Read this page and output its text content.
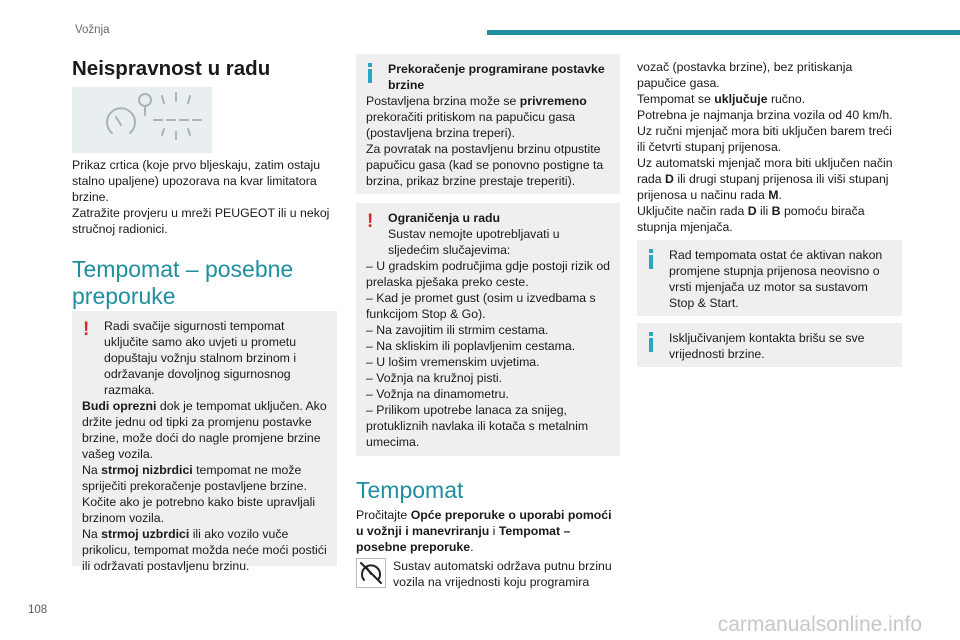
Vožnja
Neispravnost u radu
Prikaz crtica (koje prvo bljeskaju, zatim ostaju stalno upaljene) upozorava na kvar limitatora brzine.
Zatražite provjeru u mreži PEUGEOT ili u nekoj stručnoj radionici.
Tempomat – posebne
preporuke
!	Radi svačije sigurnosti tempomat uključite samo ako uvjeti u prometu dopuštaju vožnju stalnom brzinom i održavanje dovoljnog sigurnosnog razmaka.
Budi oprezni dok je tempomat uključen. Ako držite jednu od tipki za promjenu postavke brzine, može doći do nagle promjene brzine vašeg vozila.
Na strmoj nizbrdici tempomat ne može spriječiti prekoračenje postavljene brzine. Kočite ako je potrebno kako biste upravljali brzinom vozila.
Na strmoj uzbrdici ili ako vozilo vuče prikolicu, tempomat možda neće moći postići ili održavati postavljenu brzinu.
Prekoračenje programirane postavke brzine
Postavljena brzina može se privremeno prekoračiti pritiskom na papučicu gasa (postavljena brzina treperi).
Za povratak na postavljenu brzinu otpustite papučicu gasa (kad se ponovno postigne ta brzina, prikaz brzine prestaje treperiti).
!	Ograničenja u radu
Sustav nemojte upotrebljavati u sljedećim slučajevima:
– U gradskim područjima gdje postoji rizik od prelaska pješaka preko ceste.
– Kad je promet gust (osim u izvedbama s funkcijom Stop & Go).
– Na zavojitim ili strmim cestama.
– Na skliskim ili poplavljenim cestama.
– U lošim vremenskim uvjetima.
– Vožnja na kružnoj pisti.
– Vožnja na dinamometru.
– Prilikom upotrebe lanaca za snijeg, protukliznih navlaka ili kotača s metalnim umecima.
Tempomat
Pročitajte Opće preporuke o uporabi pomoći u vožnji i manevriranju i Tempomat – posebne preporuke.
Sustav automatski održava putnu brzinu vozila na vrijednosti koju programira
vozač (postavka brzine), bez pritiskanja papučice gasa.
Tempomat se uključuje ručno.
Potrebna je najmanja brzina vozila od 40 km/h.
Uz ručni mjenjač mora biti uključen barem treći ili četvrti stupanj prijenosa.
Uz automatski mjenjač mora biti uključen način rada D ili drugi stupanj prijenosa ili viši stupanj prijenosa u načinu rada M.
Uključite način rada D ili B pomoću birača stupnja mjenjača.
Rad tempomata ostat će aktivan nakon promjene stupnja prijenosa neovisno o vrsti mjenjača uz motor sa sustavom Stop & Start.
Isključivanjem kontakta brišu se sve vrijednosti brzine.
108
carmanualsonline.info
